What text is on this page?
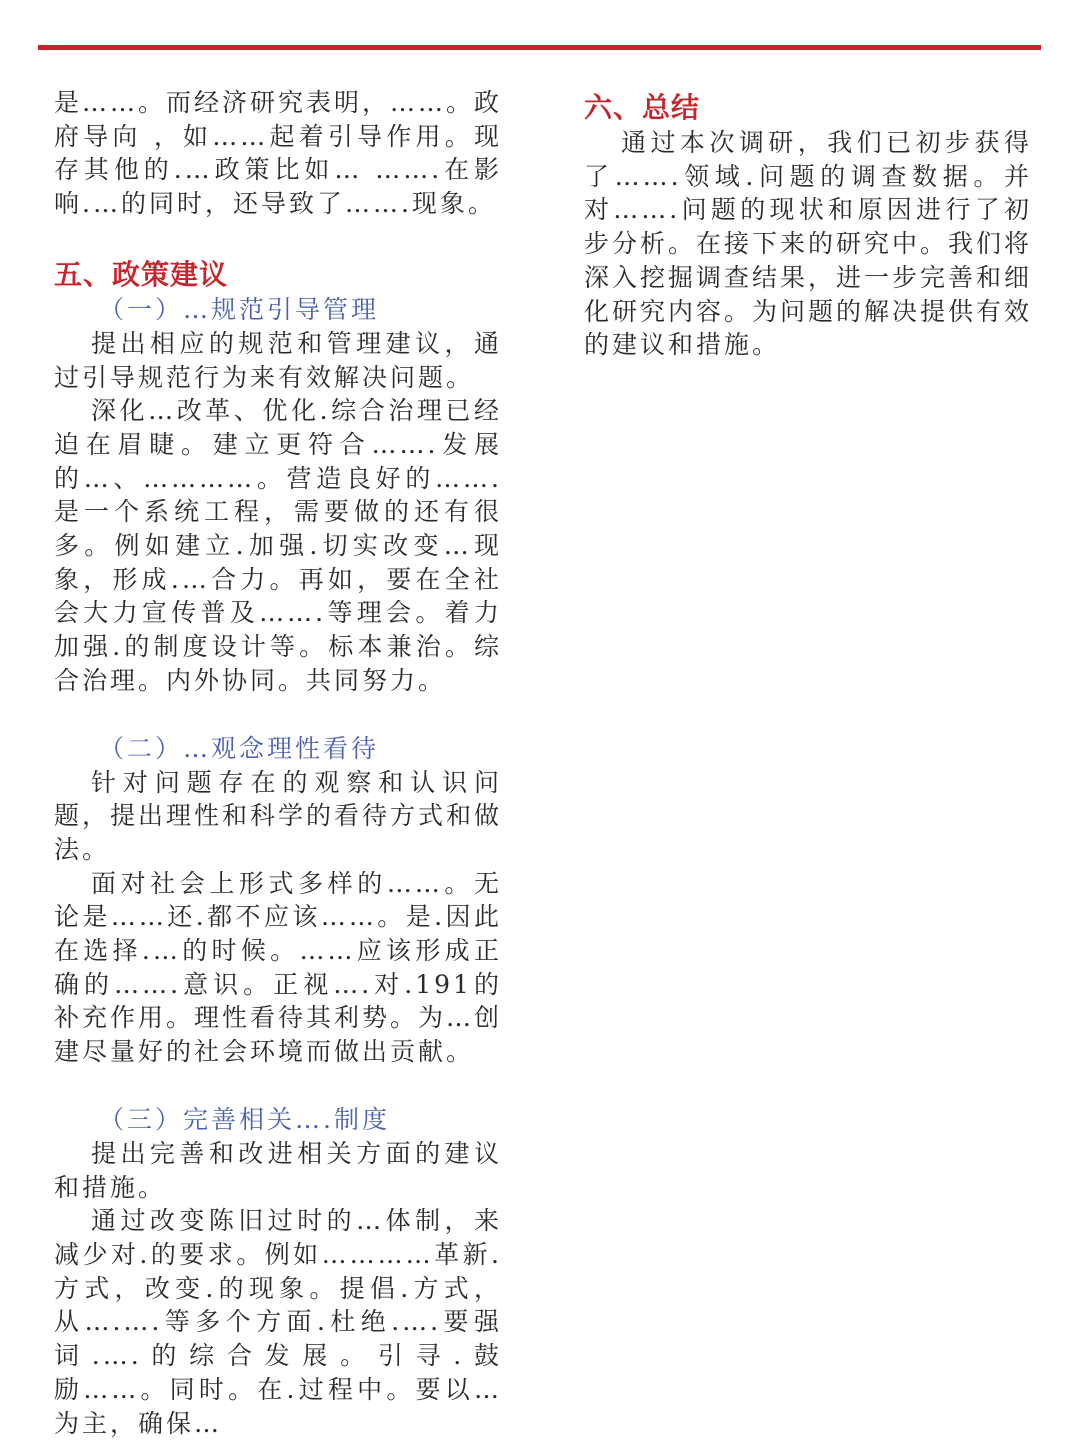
是……。而经济研究表明，……。政府导向 ，如……起着引导作用。现存其他的.…政策比如… …….在影响.…的同时，还导致了…….现象。

五、政策建议
（一）…规范引导管理

提出相应的规范和管理建议，通过引导规范行为来有效解决问题。

深化…改革、优化.综合治理已经迫在眉睫。建立更符合…….发展的…、…………。营造良好的…….是一个系统工程，需要做的还有很多。例如建立.加强.切实改变…现象，形成.…合力。再如，要在全社会大力宣传普及…….等理会。着力加强.的制度设计等。标本兼治。综合治理。内外协同。共同努力。

（二）…观念理性看待

针对问题存在的观察和认识问题，提出理性和科学的看待方式和做法。

面对社会上形式多样的……。无论是……还.都不应该……。是.因此在选择.…的时候。……应该形成正确的…….意识。正视….对.191的补充作用。理性看待其利势。为…创建尽量好的社会环境而做出贡献。

（三）完善相关….制度

提出完善和改进相关方面的建议和措施。

通过改变陈旧过时的…体制，来减少对.的要求。例如…………革新.方式，改变.的现象。提倡.方式，从….….等多个方面.杜绝.….要强词.….的综合发展。引寻.鼓励……。同时。在.过程中。要以…为主，确保…

六、总结

通过本次调研，我们已初步获得了…….领域.问题的调查数据。并对…….问题的现状和原因进行了初步分析。在接下来的研究中。我们将深入挖掘调查结果，进一步完善和细化研究内容。为问题的解决提供有效的建议和措施。
